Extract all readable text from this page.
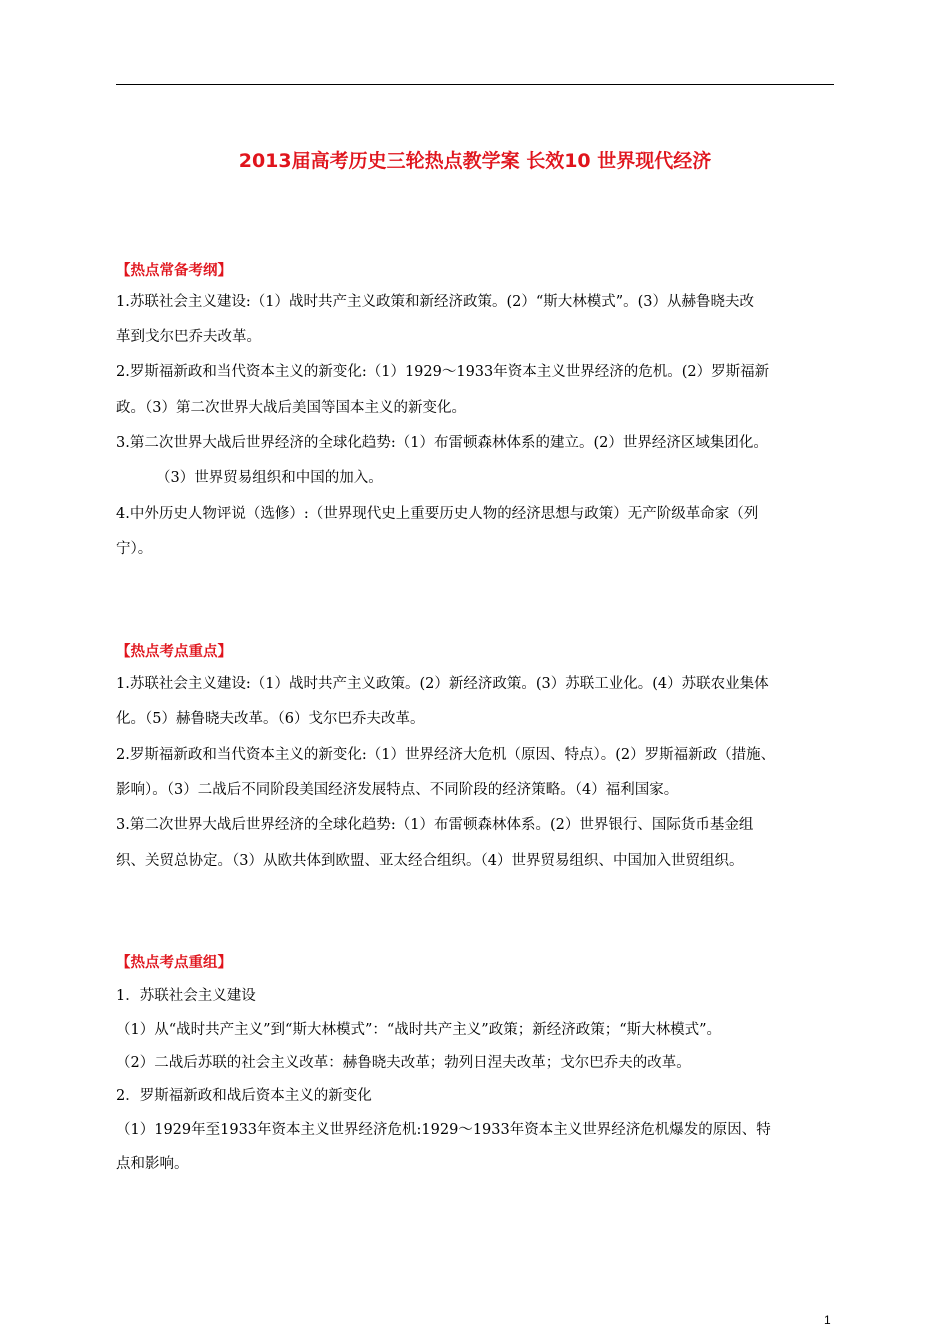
2013届高考历史三轮热点教学案 长效10 世界现代经济
【热点常备考纲】
1.苏联社会主义建设:（1）战时共产主义政策和新经济政策。(2）“斯大林模式”。(3）从赫鲁晓夫改
革到戈尔巴乔夫改革。
2.罗斯福新政和当代资本主义的新变化:（1）1929～1933年资本主义世界经济的危机。(2）罗斯福新
政。（3）第二次世界大战后美国等国本主义的新变化。
3.第二次世界大战后世界经济的全球化趋势:（1）布雷顿森林体系的建立。(2）世界经济区域集团化。
（3）世界贸易组织和中国的加入。
4.中外历史人物评说（选修）:（世界现代史上重要历史人物的经济思想与政策）无产阶级革命家（列
宁）。
【热点考点重点】
1.苏联社会主义建设:（1）战时共产主义政策。(2）新经济政策。(3）苏联工业化。(4）苏联农业集体
化。（5）赫鲁晓夫改革。（6）戈尔巴乔夫改革。
2.罗斯福新政和当代资本主义的新变化:（1）世界经济大危机（原因、特点）。(2）罗斯福新政（措施、
影响）。（3）二战后不同阶段美国经济发展特点、不同阶段的经济策略。（4）福利国家。
3.第二次世界大战后世界经济的全球化趋势:（1）布雷顿森林体系。(2）世界银行、国际货币基金组
织、关贸总协定。（3）从欧共体到欧盟、亚太经合组织。（4）世界贸易组织、中国加入世贸组织。
【热点考点重组】
1．苏联社会主义建设
（1）从“战时共产主义”到“斯大林模式”：“战时共产主义”政策；新经济政策；“斯大林模式”。
（2）二战后苏联的社会主义改革：赫鲁晓夫改革；勃列日涅夫改革；戈尔巴乔夫的改革。
2．罗斯福新政和战后资本主义的新变化
（1）1929年至1933年资本主义世界经济危机:1929～1933年资本主义世界经济危机爆发的原因、特
点和影响。
1
